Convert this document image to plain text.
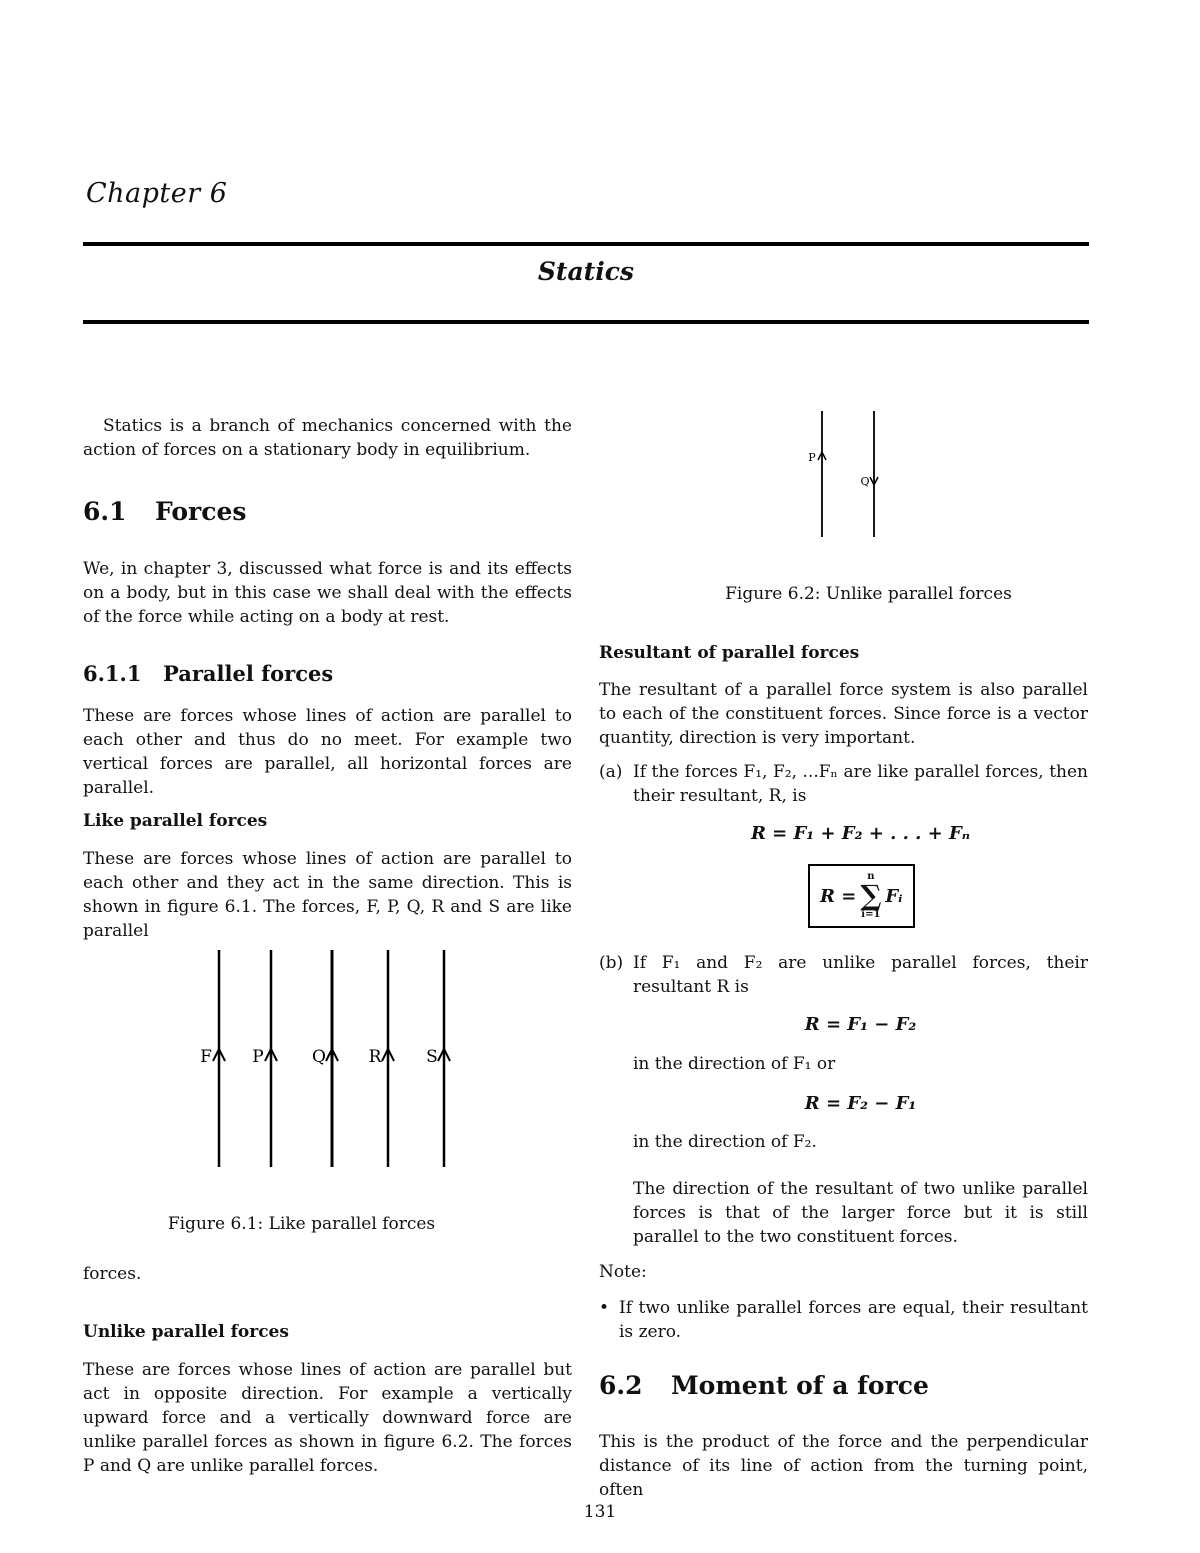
Chapter 6
Statics

Statics is a branch of mechanics concerned with the action of forces on a stationary body in equilibrium.

6.1 Forces

We, in chapter 3, discussed what force is and its effects on a body, but in this case we shall deal with the effects of the force while acting on a body at rest.

6.1.1 Parallel forces

These are forces whose lines of action are parallel to each other and thus do no meet. For example two vertical forces are parallel, all horizontal forces are parallel.

Like parallel forces

These are forces whose lines of action are parallel to each other and they act in the same direction. This is shown in figure 6.1. The forces, F, P, Q, R and S are like parallel

F P	Q	R	S
Figure 6.1: Like parallel forces

forces.

Unlike parallel forces

These are forces whose lines of action are parallel but act in opposite direction. For example a vertically upward force and a vertically downward force are unlike parallel forces as shown in figure 6.2. The forces P and Q are unlike parallel forces.

P
Q
Figure 6.2: Unlike parallel forces
Resultant of parallel forces

The resultant of a parallel force system is also parallel to each of the constituent forces. Since force is a vector quantity, direction is very important.

(a) If the forces F₁, F₂, ...Fₙ are like parallel forces, then their resultant, R, is
R = F₁ + F₂ + . . . + Fₙ
R =
n
∑
i=1
Fᵢ
(b) If F₁ and F₂ are unlike parallel forces, their resultant R is
R = F₁ − F₂
in the direction of F₁ or
R = F₂ − F₁
in the direction of F₂.

The direction of the resultant of two unlike parallel forces is that of the larger force but it is still parallel to the two constituent forces.

Note:
• If two unlike parallel forces are equal, their resultant is zero.
6.2 Moment of a force

This is the product of the force and the perpendicular distance of its line of action from the turning point, often

131
